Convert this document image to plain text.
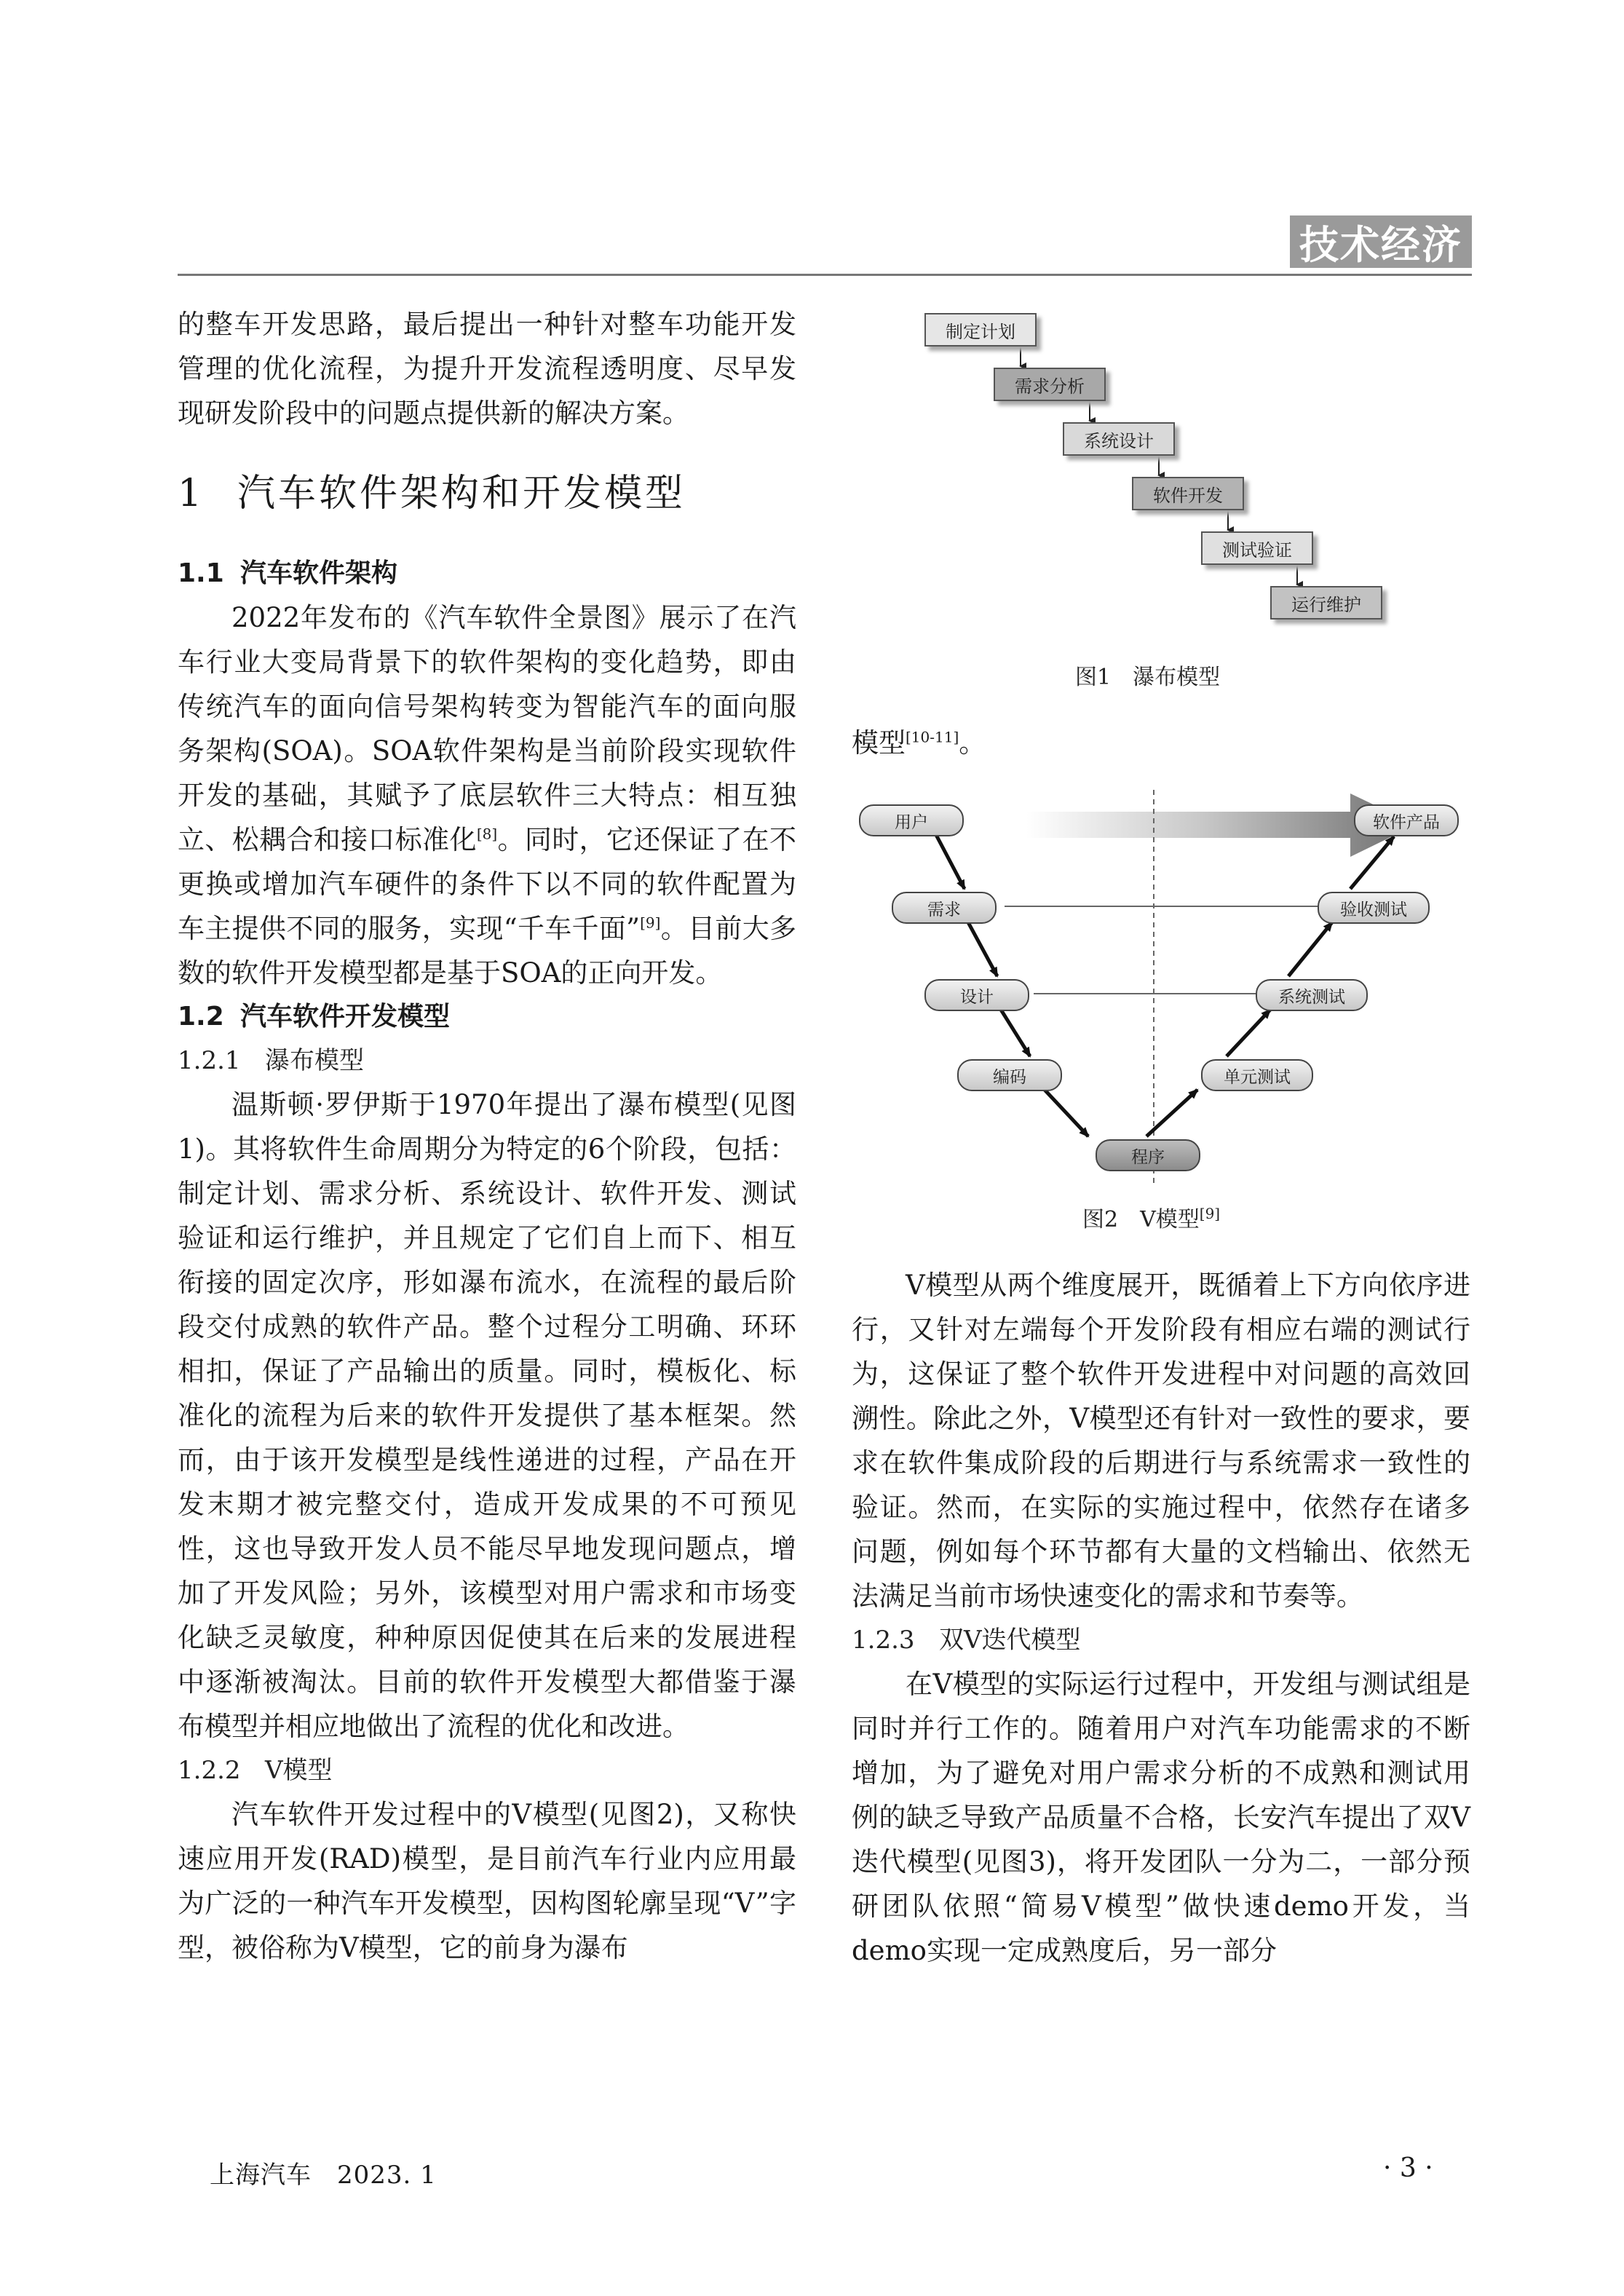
技术经济

的整车开发思路，最后提出一种针对整车功能开发管理的优化流程，为提升开发流程透明度、尽早发现研发阶段中的问题点提供新的解决方案。

1 汽车软件架构和开发模型
1.1 汽车软件架构

2022年发布的《汽车软件全景图》展示了在汽车行业大变局背景下的软件架构的变化趋势，即由传统汽车的面向信号架构转变为智能汽车的面向服务架构(SOA)。SOA软件架构是当前阶段实现软件开发的基础，其赋予了底层软件三大特点：相互独立、松耦合和接口标准化[8]。同时，它还保证了在不更换或增加汽车硬件的条件下以不同的软件配置为车主提供不同的服务，实现“千车千面”[9]。目前大多数的软件开发模型都是基于SOA的正向开发。

1.2 汽车软件开发模型
1.2.1 瀑布模型

温斯顿·罗伊斯于1970年提出了瀑布模型(见图1)。其将软件生命周期分为特定的6个阶段，包括：制定计划、需求分析、系统设计、软件开发、测试验证和运行维护，并且规定了它们自上而下、相互衔接的固定次序，形如瀑布流水，在流程的最后阶段交付成熟的软件产品。整个过程分工明确、环环相扣，保证了产品输出的质量。同时，模板化、标准化的流程为后来的软件开发提供了基本框架。然而，由于该开发模型是线性递进的过程，产品在开发末期才被完整交付，造成开发成果的不可预见性，这也导致开发人员不能尽早地发现问题点，增加了开发风险；另外，该模型对用户需求和市场变化缺乏灵敏度，种种原因促使其在后来的发展进程中逐渐被淘汰。目前的软件开发模型大都借鉴于瀑布模型并相应地做出了流程的优化和改进。

1.2.2 V模型

汽车软件开发过程中的V模型(见图2)，又称快速应用开发(RAD)模型，是目前汽车行业内应用最为广泛的一种汽车开发模型，因构图轮廓呈现“V”字型，被俗称为V模型，它的前身为瀑布

制定计划
需求分析
系统设计
软件开发
测试验证
运行维护
图1　瀑布模型

模型[10-11]。

用户
需求
设计
编码
程序
软件产品
验收测试
系统测试
单元测试
图2　V模型[9]

V模型从两个维度展开，既循着上下方向依序进行，又针对左端每个开发阶段有相应右端的测试行为，这保证了整个软件开发进程中对问题的高效回溯性。除此之外，V模型还有针对一致性的要求，要求在软件集成阶段的后期进行与系统需求一致性的验证。然而，在实际的实施过程中，依然存在诸多问题，例如每个环节都有大量的文档输出、依然无法满足当前市场快速变化的需求和节奏等。

1.2.3 双V迭代模型

在V模型的实际运行过程中，开发组与测试组是同时并行工作的。随着用户对汽车功能需求的不断增加，为了避免对用户需求分析的不成熟和测试用例的缺乏导致产品质量不合格，长安汽车提出了双V迭代模型(见图3)，将开发团队一分为二，一部分预研团队依照“简易V模型”做快速demo开发，当demo实现一定成熟度后，另一部分

上海汽车　2023. 1	· 3 ·
